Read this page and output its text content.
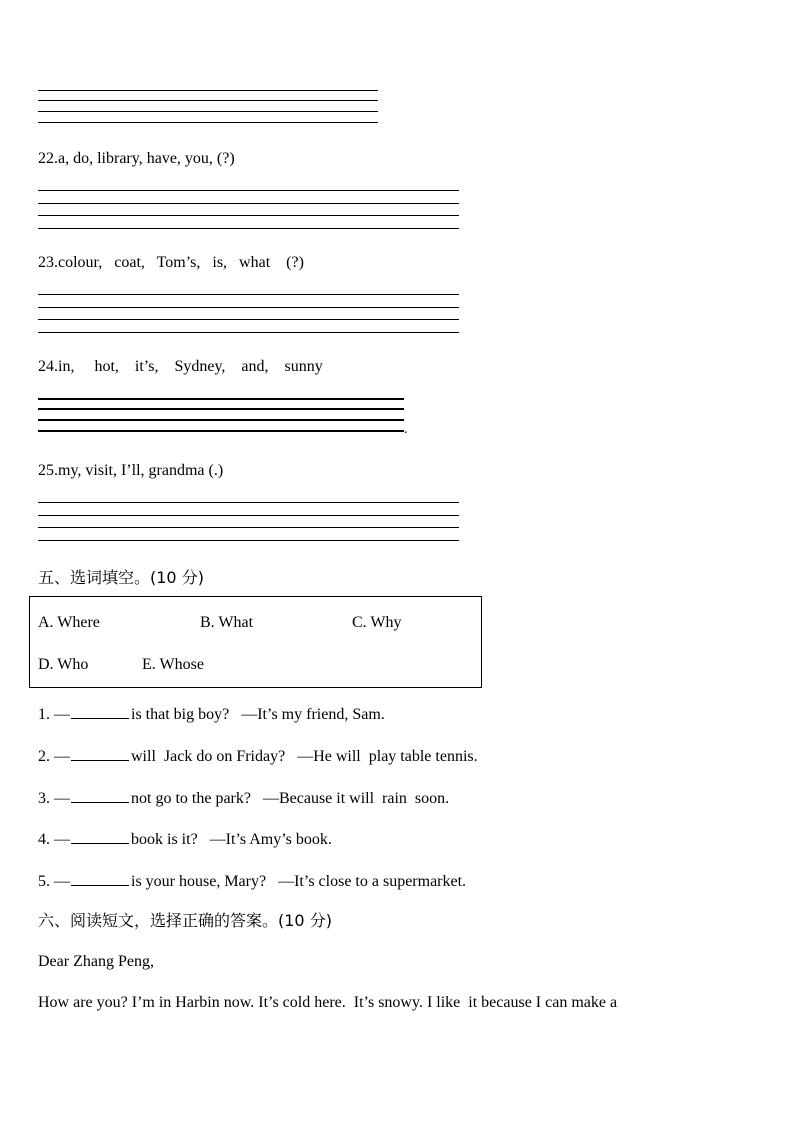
22.a, do, library, have, you, (?)
23.colour,   coat,   Tom’s,   is,   what    (?)
24.in,     hot,    it’s,    Sydney,    and,    sunny
.
25.my, visit, I’ll, grandma (.)
五、选词填空。(10 分)
A. Where	B. What	C. Why
D. Who	E. Whose
1. —	is that big boy? —It’s my friend, Sam.
2. —	will  Jack do on Friday? —He will  play table tennis.
3. —	not go to the park? —Because it will  rain  soon.
4. —	book is it? —It’s Amy’s book.
5. —	is your house, Mary? —It’s close to a supermarket.
六、阅读短文，选择正确的答案。(10 分)
Dear Zhang Peng,
How are you? I’m in Harbin now. It’s cold here.  It’s snowy. I like  it because I can make a
